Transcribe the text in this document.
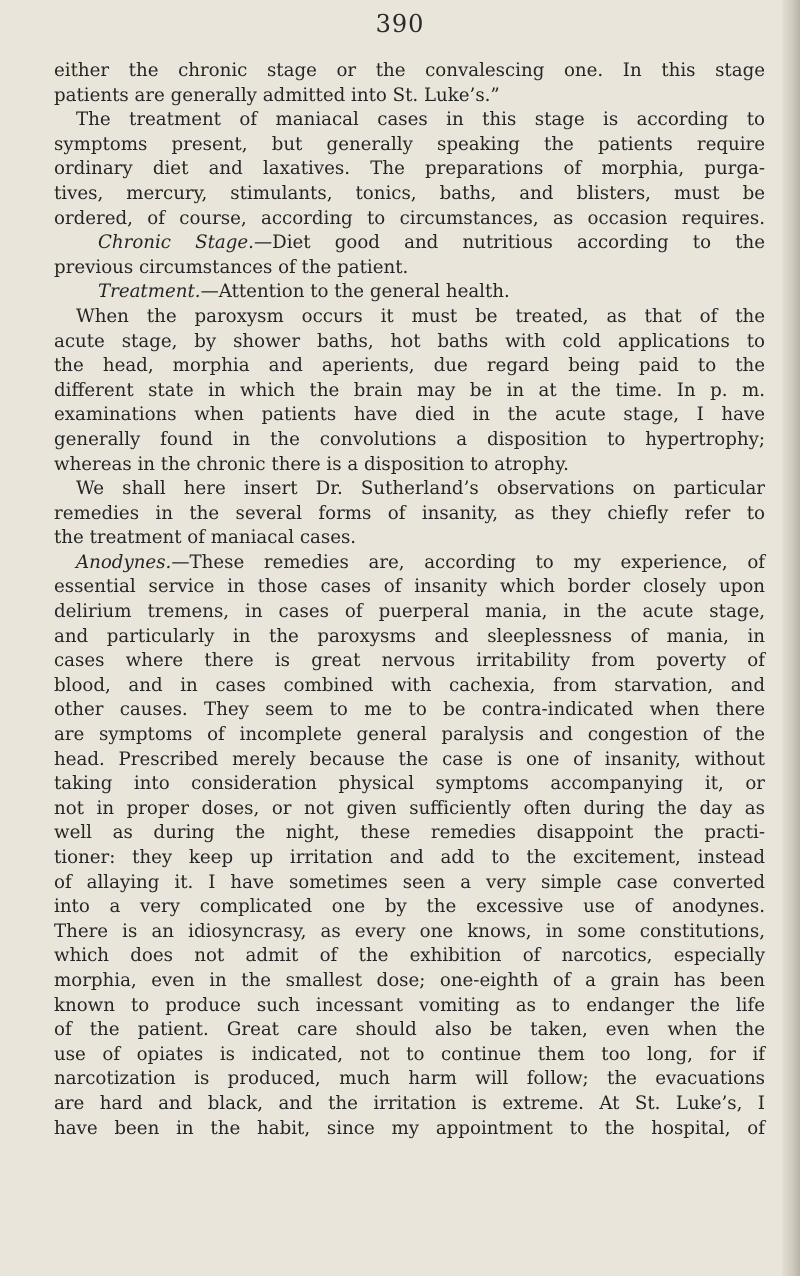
390
either the chronic stage or the convalescing one. In this stage
patients are generally admitted into St. Luke’s.”
The treatment of maniacal cases in this stage is according to
symptoms present, but generally speaking the patients require
ordinary diet and laxatives. The preparations of morphia, purga-
tives, mercury, stimulants, tonics, baths, and blisters, must be
ordered, of course, according to circumstances, as occasion requires.
Chronic Stage.—Diet good and nutritious according to the
previous circumstances of the patient.
Treatment.—Attention to the general health.
When the paroxysm occurs it must be treated, as that of the
acute stage, by shower baths, hot baths with cold applications to
the head, morphia and aperients, due regard being paid to the
different state in which the brain may be in at the time. In p. m.
examinations when patients have died in the acute stage, I have
generally found in the convolutions a disposition to hypertrophy;
whereas in the chronic there is a disposition to atrophy.
We shall here insert Dr. Sutherland’s observations on particular
remedies in the several forms of insanity, as they chiefly refer to
the treatment of maniacal cases.
Anodynes.—These remedies are, according to my experience, of
essential service in those cases of insanity which border closely upon
delirium tremens, in cases of puerperal mania, in the acute stage,
and particularly in the paroxysms and sleeplessness of mania, in
cases where there is great nervous irritability from poverty of
blood, and in cases combined with cachexia, from starvation, and
other causes. They seem to me to be contra-indicated when there
are symptoms of incomplete general paralysis and congestion of the
head. Prescribed merely because the case is one of insanity, without
taking into consideration physical symptoms accompanying it, or
not in proper doses, or not given sufficiently often during the day as
well as during the night, these remedies disappoint the practi-
tioner: they keep up irritation and add to the excitement, instead
of allaying it. I have sometimes seen a very simple case converted
into a very complicated one by the excessive use of anodynes.
There is an idiosyncrasy, as every one knows, in some constitutions,
which does not admit of the exhibition of narcotics, especially
morphia, even in the smallest dose; one-eighth of a grain has been
known to produce such incessant vomiting as to endanger the life
of the patient. Great care should also be taken, even when the
use of opiates is indicated, not to continue them too long, for if
narcotization is produced, much harm will follow; the evacuations
are hard and black, and the irritation is extreme. At St. Luke’s, I
have been in the habit, since my appointment to the hospital, of
